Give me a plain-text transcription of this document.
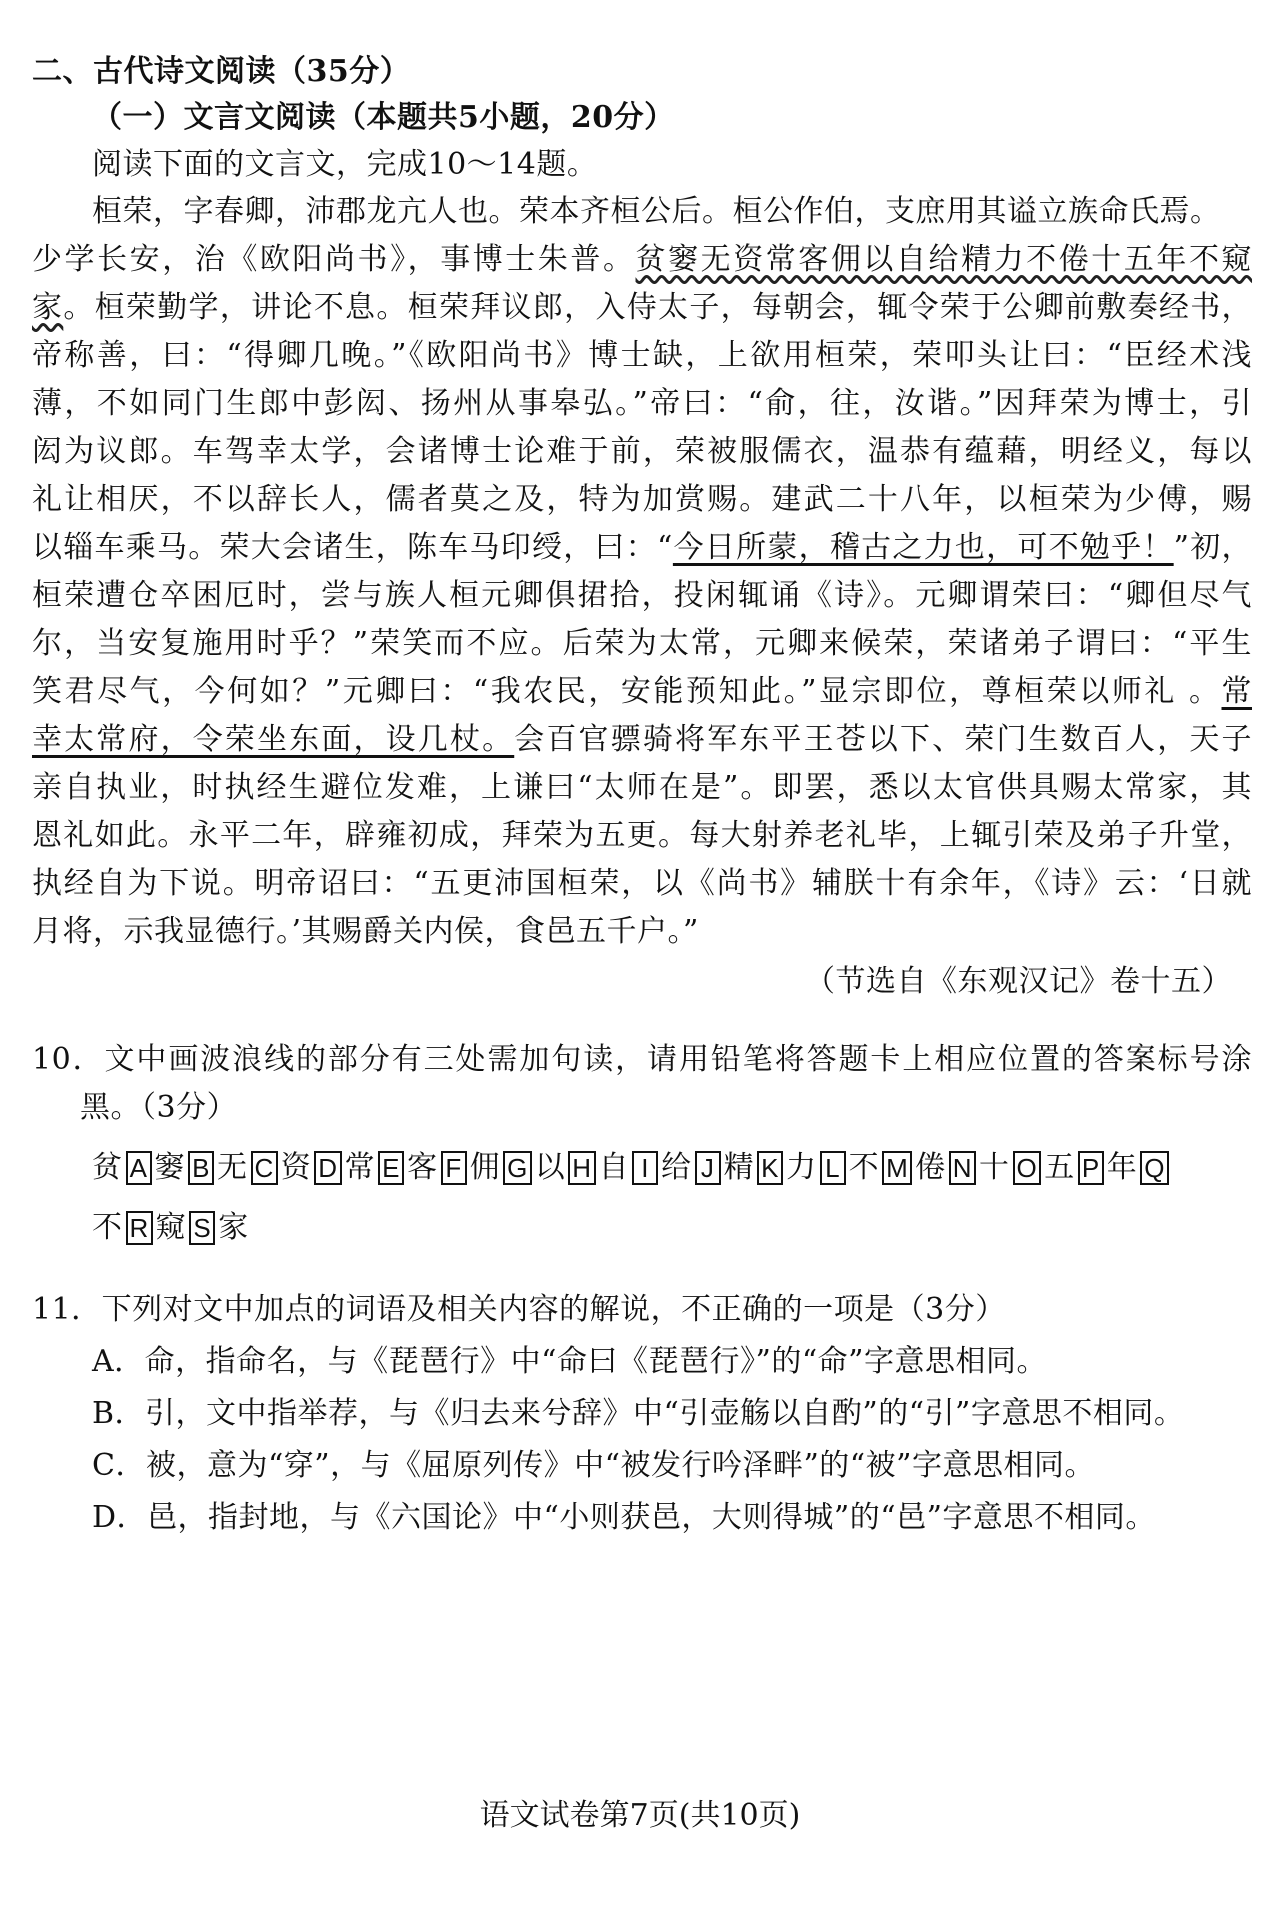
二、古代诗文阅读（35分）
（一）文言文阅读（本题共5小题，20分）
阅读下面的文言文，完成10～14题。
桓荣，字春卿，沛郡龙亢人也。荣本齐桓公后。桓公作伯，支庶用其谥立族命氏焉。
少学长安，治《欧阳尚书》，事博士朱普。贫窭无资常客佣以自给精力不倦十五年不窥
家。桓荣勤学，讲论不息。桓荣拜议郎，入侍太子，每朝会，辄令荣于公卿前敷奏经书，
帝称善，曰：“得卿几晚。”《欧阳尚书》博士缺，上欲用桓荣，荣叩头让曰：“臣经术浅
薄，不如同门生郎中彭闳、扬州从事皋弘。”帝曰：“俞，往，汝谐。”因拜荣为博士，引
闳为议郎。车驾幸太学，会诸博士论难于前，荣被服儒衣，温恭有蕴藉，明经义，每以
礼让相厌，不以辞长人，儒者莫之及，特为加赏赐。建武二十八年，以桓荣为少傅，赐
以辎车乘马。荣大会诸生，陈车马印绶，曰：“今日所蒙，稽古之力也，可不勉乎！”初，
桓荣遭仓卒困厄时，尝与族人桓元卿俱捃拾，投闲辄诵《诗》。元卿谓荣曰：“卿但尽气
尔，当安复施用时乎？”荣笑而不应。后荣为太常，元卿来候荣，荣诸弟子谓曰：“平生
笑君尽气，今何如？”元卿曰：“我农民，安能预知此。”显宗即位，尊桓荣以师礼 。常
幸太常府，令荣坐东面，设几杖。会百官骠骑将军东平王苍以下、荣门生数百人，天子
亲自执业，时执经生避位发难，上谦曰“太师在是”。即罢，悉以太官供具赐太常家，其
恩礼如此。永平二年，辟雍初成，拜荣为五更。每大射养老礼毕，上辄引荣及弟子升堂，
执经自为下说。明帝诏曰：“五更沛国桓荣，以《尚书》辅朕十有余年，《诗》云：‘日就
月将，示我显德行。’其赐爵关内侯，食邑五千户。”
（节选自《东观汉记》卷十五）
10．文中画波浪线的部分有三处需加句读，请用铅笔将答题卡上相应位置的答案标号涂
黑。（3分）
贫 A 窭 B 无 C 资 D 常 E 客 F 佣 G 以 H 自 I 给 J 精 K 力 L 不 M 倦 N 十 O 五 P 年 Q
不 R 窥 S 家
11．下列对文中加点的词语及相关内容的解说，不正确的一项是（3分）
A．命，指命名，与《琵琶行》中“命曰《琵琶行》”的“命”字意思相同。
B．引，文中指举荐，与《归去来兮辞》中“引壶觞以自酌”的“引”字意思不相同。
C．被，意为“穿”，与《屈原列传》中“被发行吟泽畔”的“被”字意思相同。
D．邑，指封地，与《六国论》中“小则获邑，大则得城”的“邑”字意思不相同。
语文试卷第7页(共10页)
